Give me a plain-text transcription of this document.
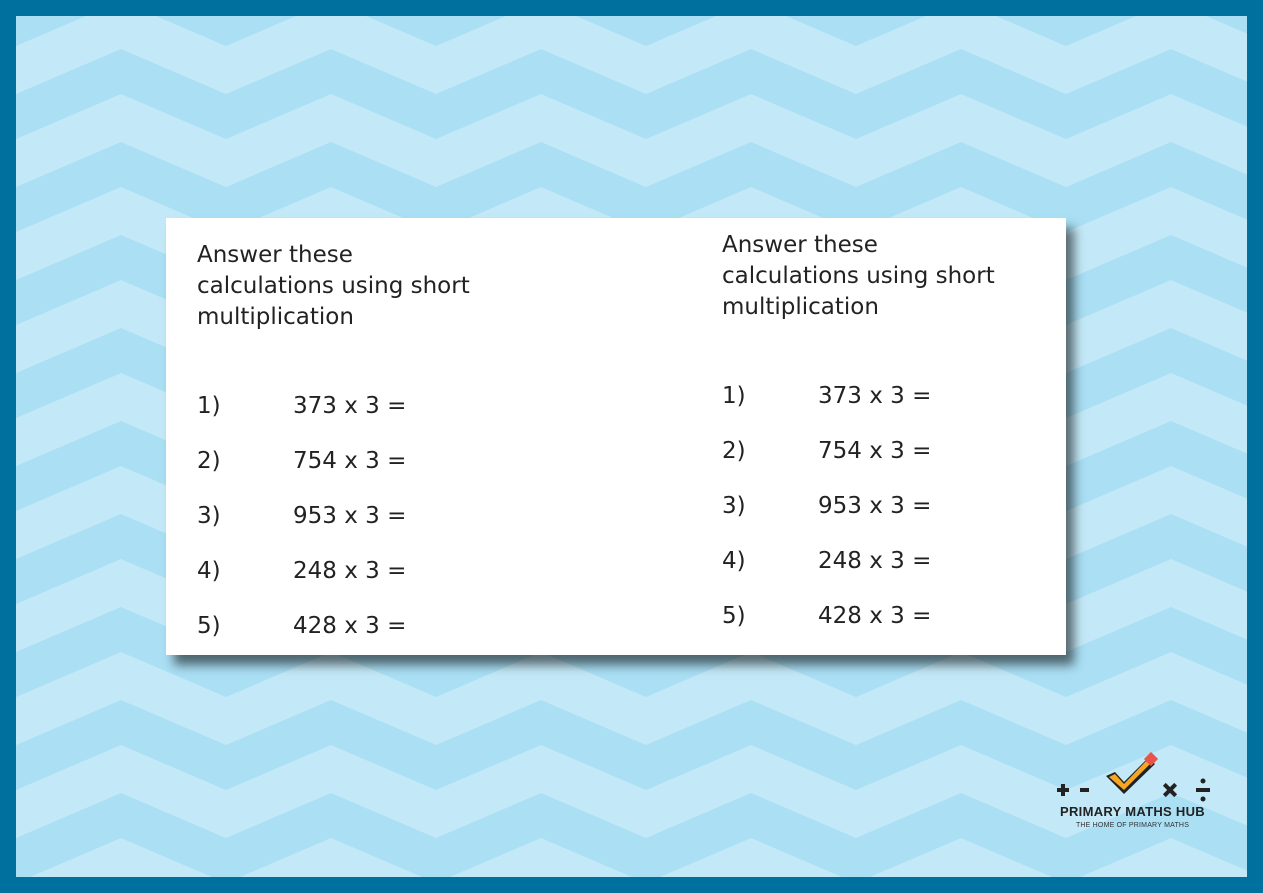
Answer these
calculations using short
multiplication

1)	373 x 3 =
2)	754 x 3 =
3)	953 x 3 =
4)	248 x 3 =
5)	428 x 3 =

Answer these
calculations using short
multiplication

1)	373 x 3 =
2)	754 x 3 =
3)	953 x 3 =
4)	248 x 3 =
5)	428 x 3 =
PRIMARY MATHS HUB
THE HOME OF PRIMARY MATHS
